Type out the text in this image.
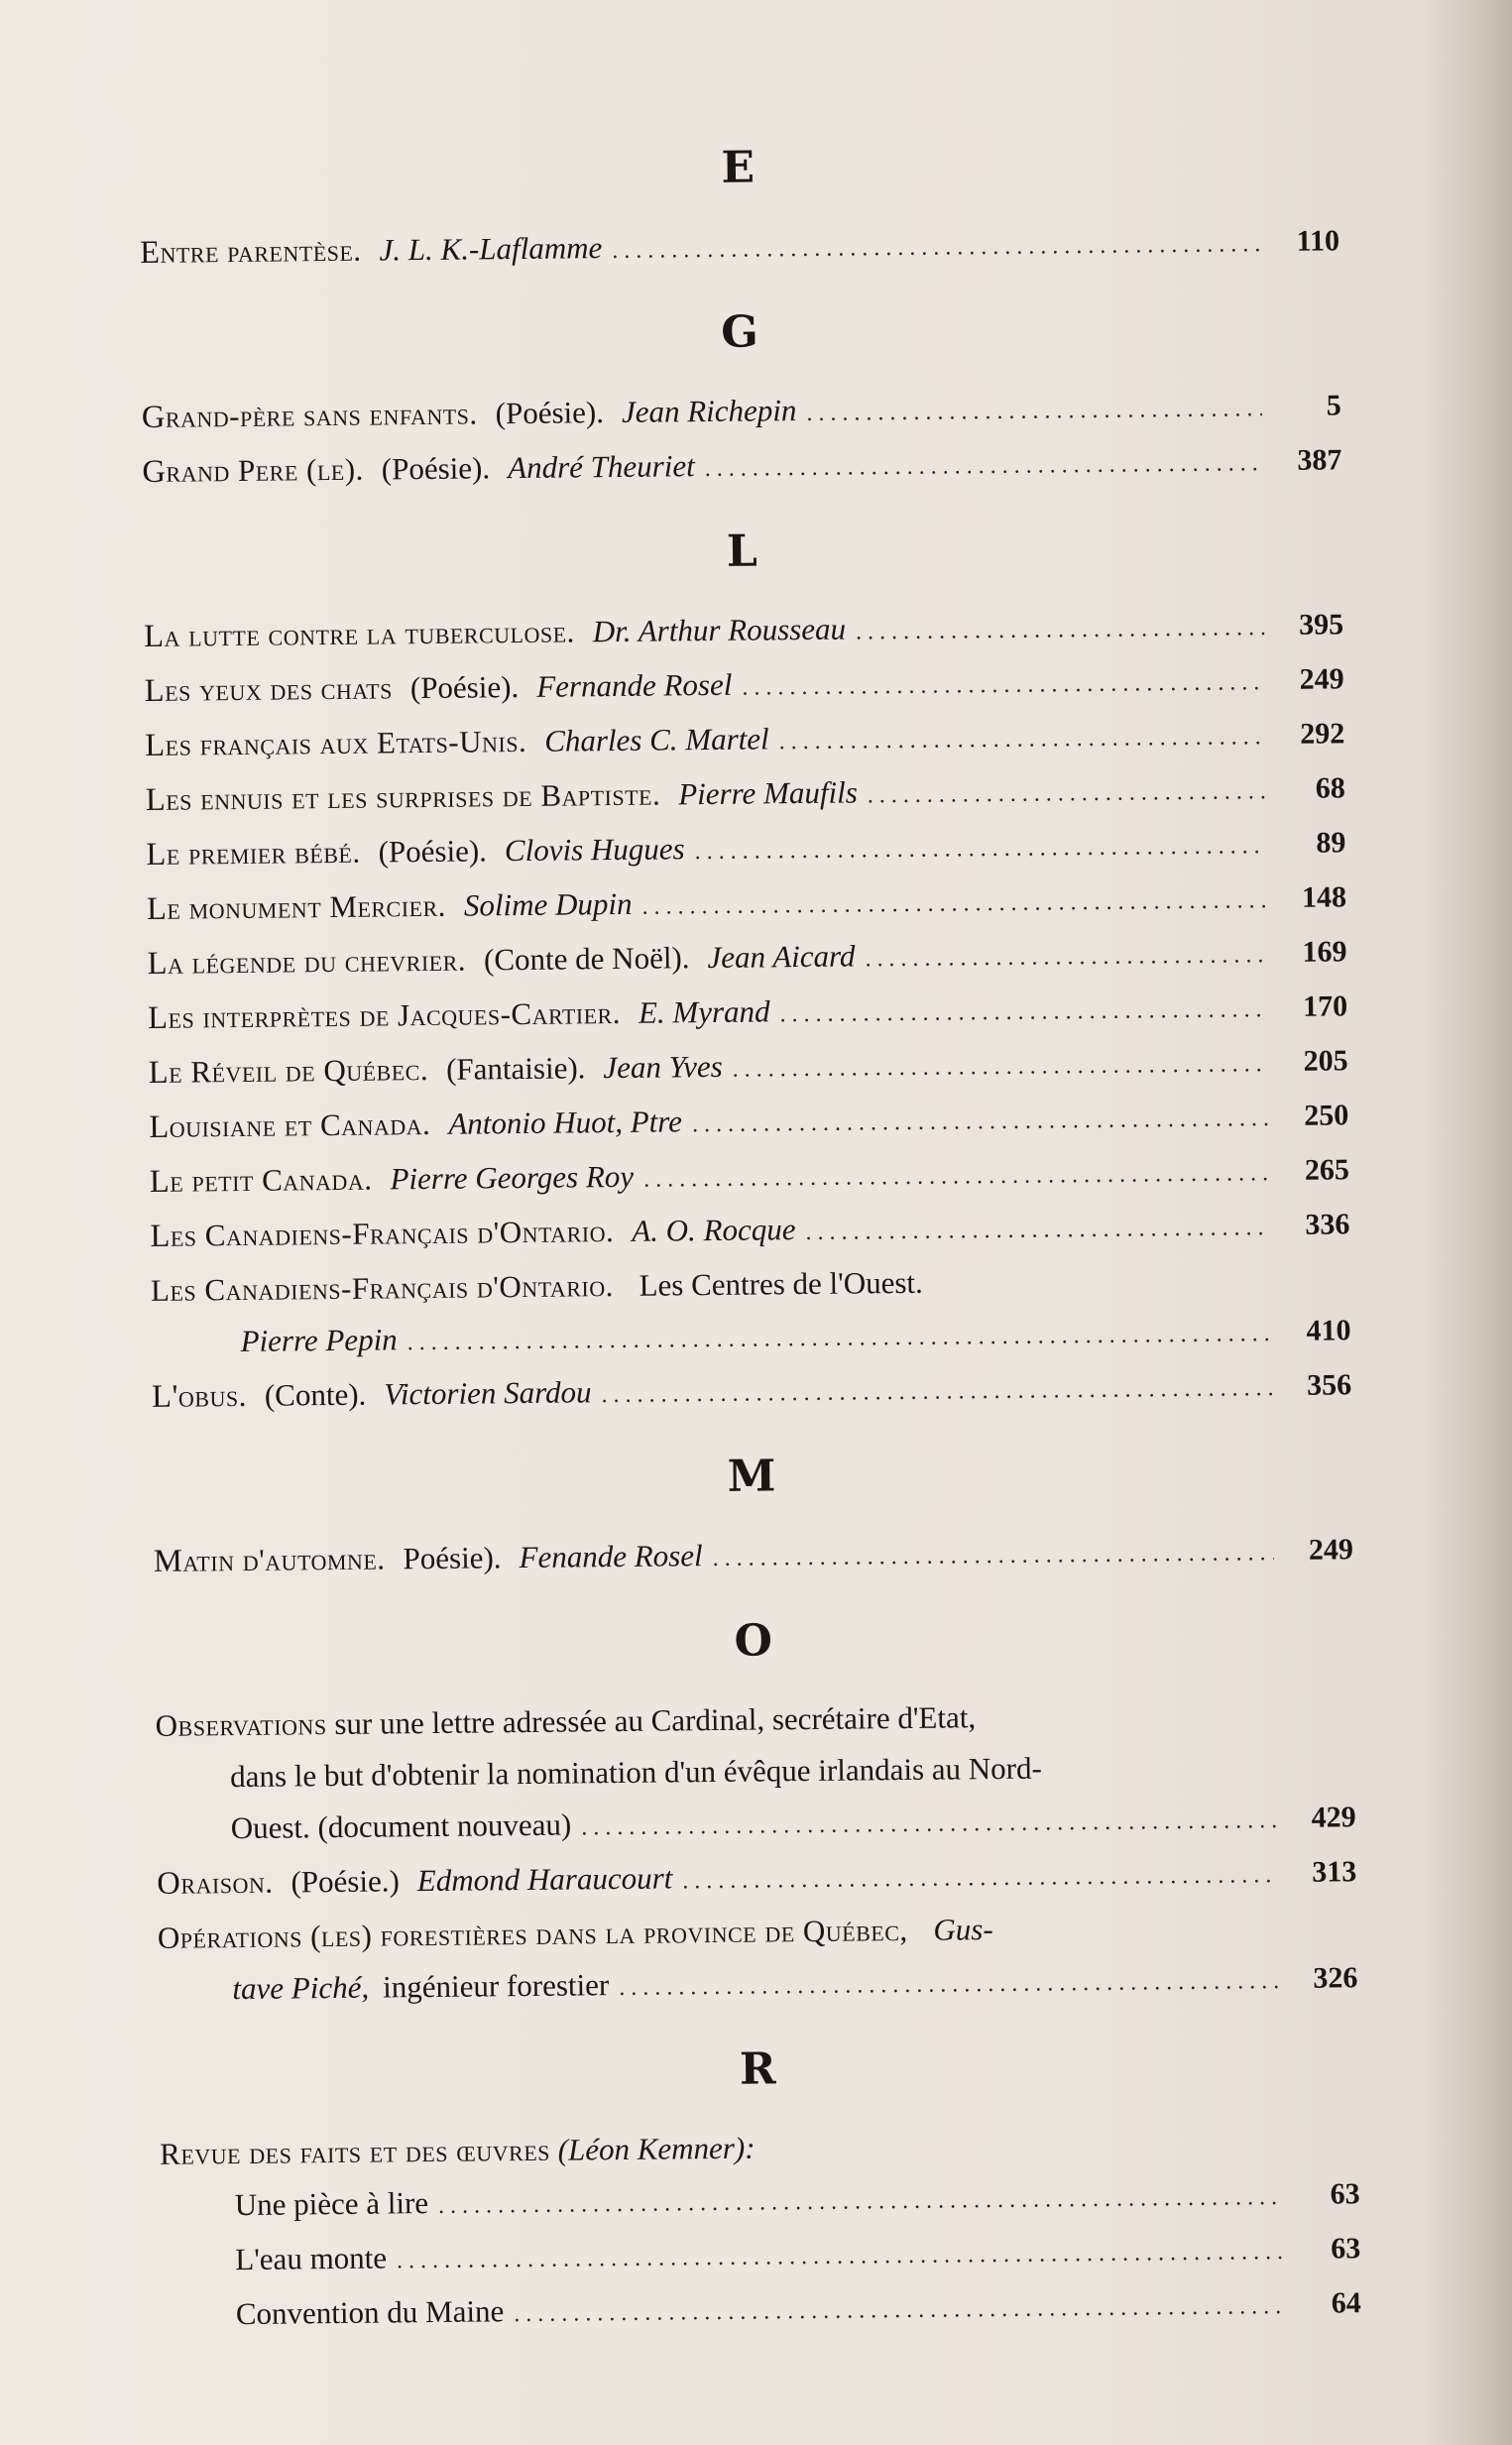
E
Entre parentèse. J. L. K.-Laflamme .....	110
G
Grand-père sans enfants. (Poésie). Jean Richepin .....	5
Grand Pere (le). (Poésie). André Theuriet .....	387
L
La lutte contre la tuberculose. Dr. Arthur Rousseau .....	395
Les yeux des chats (Poésie). Fernande Rosel .....	249
Les français aux Etats-Unis. Charles C. Martel .....	292
Les ennuis et les surprises de Baptiste. Pierre Maufils .....	68
Le premier bébé. (Poésie). Clovis Hugues .....	89
Le monument Mercier. Solime Dupin .....	148
La légende du chevrier. (Conte de Noël). Jean Aicard .....	169
Les interprètes de Jacques-Cartier. E. Myrand .....	170
Le Réveil de Québec. (Fantaisie). Jean Yves .....	205
Louisiane et Canada. Antonio Huot, Ptre .....	250
Le petit Canada. Pierre Georges Roy .....	265
Les Canadiens-Français d'Ontario. A. O. Rocque .....	336
Les Canadiens-Français d'Ontario. Les Centres de l'Ouest.
Pierre Pepin .....	410
L'obus. (Conte). Victorien Sardou .....	356
M
Matin d'automne. Poésie). Fenande Rosel .....	249
O
Observations sur une lettre adressée au Cardinal, secrétaire d'Etat,
dans le but d'obtenir la nomination d'un évêque irlandais au Nord-
Ouest. (document nouveau) .....	429
Oraison. (Poésie.) Edmond Haraucourt .....	313
Opérations (les) forestières dans la province de Québec, Gus-
tave Piché, ingénieur forestier .....	326
R
Revue des faits et des œuvres (Léon Kemner):
Une pièce à lire .....	63
L'eau monte .....	63
Convention du Maine .....	64
